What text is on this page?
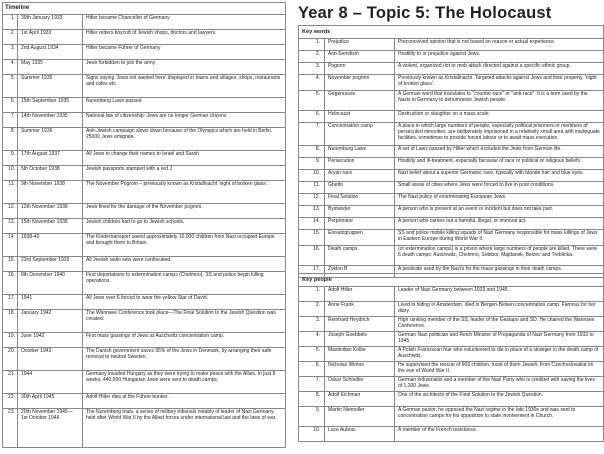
Timeline
1.	30th January 1933	Hitler became Chancellor of Germany
2.	1st April 1933	Hitler orders boycott of Jewish shops, doctors and lawyers.
3.	2nd August 1934	Hitler became Führer of Germany
4.	May 1935	Jews forbidden to join the army
5.	Summer 1935	Signs saying 'Jews not wanted here' displayed in towns and villages, shops, restaurants and cafes etc.
6.	15th September 1935	Nuremberg Laws passed
7.	14th November 1935	National law of citizenship- Jews are no longer German citizens
8.	Summer 1936	Anti-Jewish campaign slows down because of the Olympics which are held in Berlin. 25000 Jews emigrate.
9.	17th August 1937	All Jews to change their names to Israel and Sarah
10.	5th October 1938	Jewish passports stamped with a red J.
11.	9th November 1938	The November Pogrom – previously known as Kristallnacht 'night of broken glass'.
12.	12th November 1938	Jews fined for the damage of the November pogrom.
13.	15th November 1938	Jewish children had to go to Jewish schools.
14.	1938-40	The Kindertransport saved approximately 10,000 children from Nazi occupied Europe and brought them to Britain.
15.	23rd September 1939	All Jewish radio sets were confiscated.
16.	8th December 1940	First deportations to extermination camps (Chelmno), SS and police begin killing operations.
17.	1941	All Jews over 6 forced to wear the yellow Star of David.
18.	January 1942	The Wannsee Conference took place—The Final Solution to the Jewish Question was created.
19.	June 1942	First mass gassings of Jews at Auschwitz concentration camp.
20.	October 1943	The Danish government saves 95% of the Jews in Denmark, by arranging their safe removal to neutral Sweden.
21.	1944	Germany invaded Hungary as they were trying to make peace with the Allies. In just 8 weeks, 440,000 Hungarian Jews were sent to death camps.
22.	30th April 1945	Adolf Hitler dies at the Führer bunker.
23.	20th November 1945—1st October 1946	The Nuremberg trials, a series of military tribunals notably of leader of Nazi Germany, held after World War II by the Allied forces under international law and the laws of war.
Year 8 – Topic 5: The Holocaust
Key words
1.	Prejudice	Preconceived opinion that is not based on reason or actual experience.
2.	Anti-Semitism	Hostility to or prejudice against Jews.
3.	Pogrom	A violent, organized riot or mob attack directed against a specific ethnic group.
4.	November pogrom	Previously known as Kristallnacht. Targeted attacks against Jews and their property, 'night of broken glass'.
5.	Gegenrasse	A German word that translates to "counter-race" or "anti-race". It is a term used by the Nazis in Germany to dehumanise Jewish people.
6.	Holocaust	Destruction or slaughter on a mass scale.
7.	Concentration camp	A place in which large numbers of people, especially political prisoners or members of persecuted minorities, are deliberately imprisoned in a relatively small area with inadequate facilities, sometimes to provide forced labour or to await mass execution.
8.	Nuremburg Laws	A set of Laws passed by Hitler which excluded the Jews from German life.
9.	Persecution	Hostility and ill-treatment, especially because of race or political or religious beliefs.
10.	Aryan race	Nazi belief about a superior Germanic race, typically with blonde hair and blue eyes.
11.	Ghetto	Small areas of cities where Jews were forced to live in poor conditions.
12.	Final Solution	The Nazi policy of exterminating European Jews.
13.	Bystander	A person who is present at an event or incident but does not take part.
14.	Perpetrator	A person who carries out a harmful, illegal, or immoral act.
15.	Einsatzgruppen	SS and police mobile killing squads of Nazi Germany responsible for mass killings of Jews in Eastern Europe during World War II.
16.	Death camps	(or extermination camps) is a prison where large numbers of people are killed. There were 6 death camps: Auschwitz, Chelmno, Sobibor, Majdanek, Belzec and Treblinka.
17.	Zyklon B	A pesticide used by the Nazi's for the mass gassings in their death camps.
Key people
1.	Adolf Hitler	Leader of Nazi Germany between 1933 and 1945.
2.	Anne Frank	Lived in hiding in Amsterdam, died in Bergen-Belsen concentration camp. Famous for her diary.
3.	Reinhard Heydrich	High ranking member of the SS, leader of the Gestapo and SD. He chaired the Wannsee Conference.
4.	Joseph Goebbels	German Nazi politician and Reich Minister of Propaganda of Nazi Germany from 1933 to 1945.
5.	Maximilian Kolbe	A Polish Franciscan friar who volunteered to die in place of a stranger in the death camp of Auschwitz.
6.	Nicholas Winton	He supervised the rescue of 669 children, most of them Jewish, from Czechoslovakia on the eve of World War II.
7.	Oskar Schindler	German industrialist and a member of the Nazi Party who is credited with saving the lives of 1,200 Jews.
8.	Adolf Eichman	One of the architects of the Final Solution to the Jewish Question.
9.	Martin Niemoller	A German pastor, he opposed the Nazi regime in the late 1930s and was sent to concentration camps for his opposition to state involvement in Church.
10.	Luce Aubrac	A member of the French resistance.
